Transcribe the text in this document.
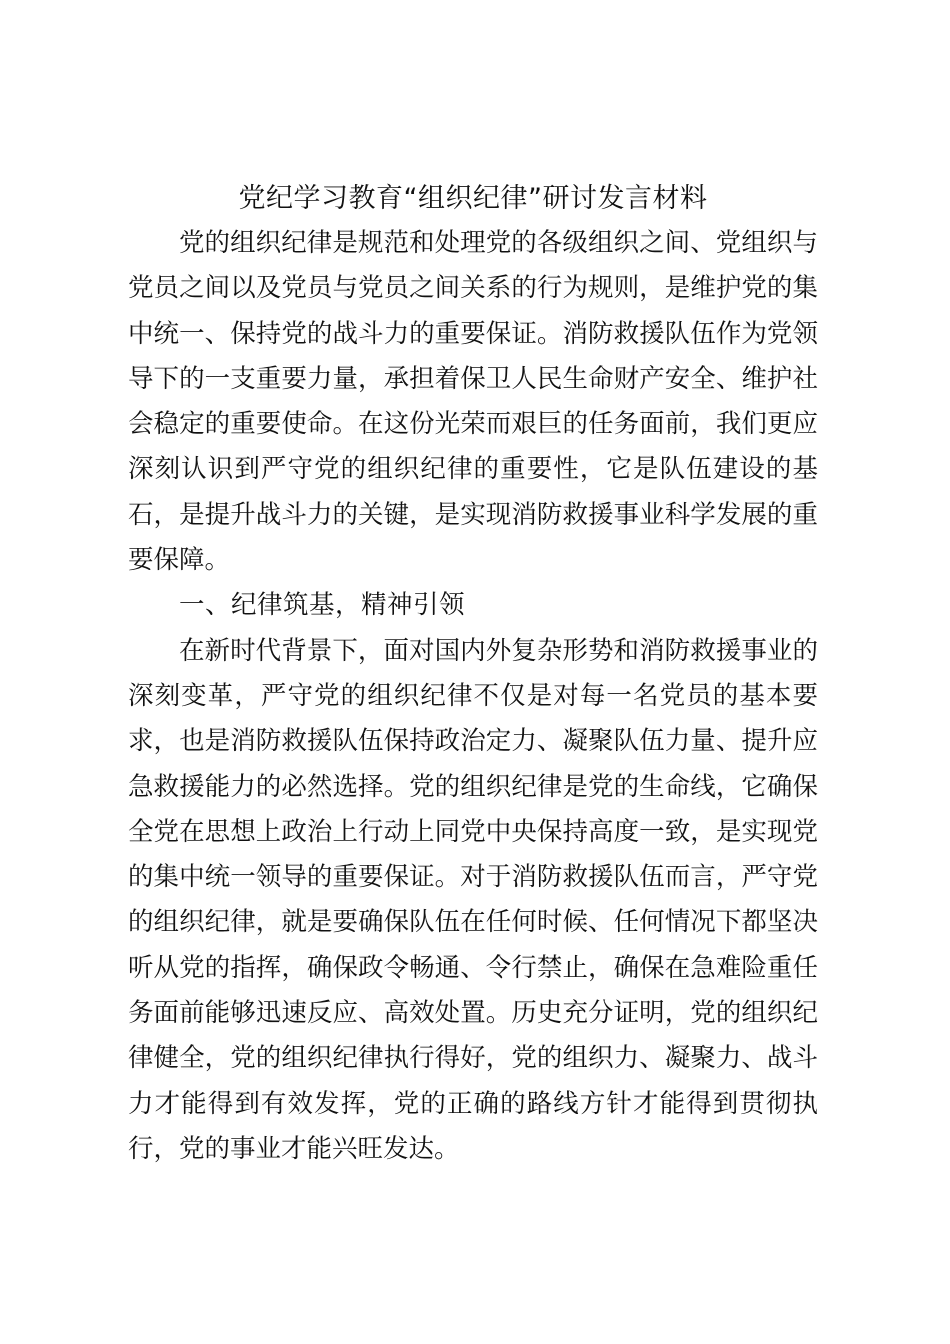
党纪学习教育“组织纪律”研讨发言材料

党的组织纪律是规范和处理党的各级组织之间、党组织与党员之间以及党员与党员之间关系的行为规则，是维护党的集中统一、保持党的战斗力的重要保证。消防救援队伍作为党领导下的一支重要力量，承担着保卫人民生命财产安全、维护社会稳定的重要使命。在这份光荣而艰巨的任务面前，我们更应深刻认识到严守党的组织纪律的重要性，它是队伍建设的基石，是提升战斗力的关键，是实现消防救援事业科学发展的重要保障。

一、纪律筑基，精神引领

在新时代背景下，面对国内外复杂形势和消防救援事业的深刻变革，严守党的组织纪律不仅是对每一名党员的基本要求，也是消防救援队伍保持政治定力、凝聚队伍力量、提升应急救援能力的必然选择。党的组织纪律是党的生命线，它确保全党在思想上政治上行动上同党中央保持高度一致，是实现党的集中统一领导的重要保证。对于消防救援队伍而言，严守党的组织纪律，就是要确保队伍在任何时候、任何情况下都坚决听从党的指挥，确保政令畅通、令行禁止，确保在急难险重任务面前能够迅速反应、高效处置。历史充分证明，党的组织纪律健全，党的组织纪律执行得好，党的组织力、凝聚力、战斗力才能得到有效发挥，党的正确的路线方针才能得到贯彻执行，党的事业才能兴旺发达。
